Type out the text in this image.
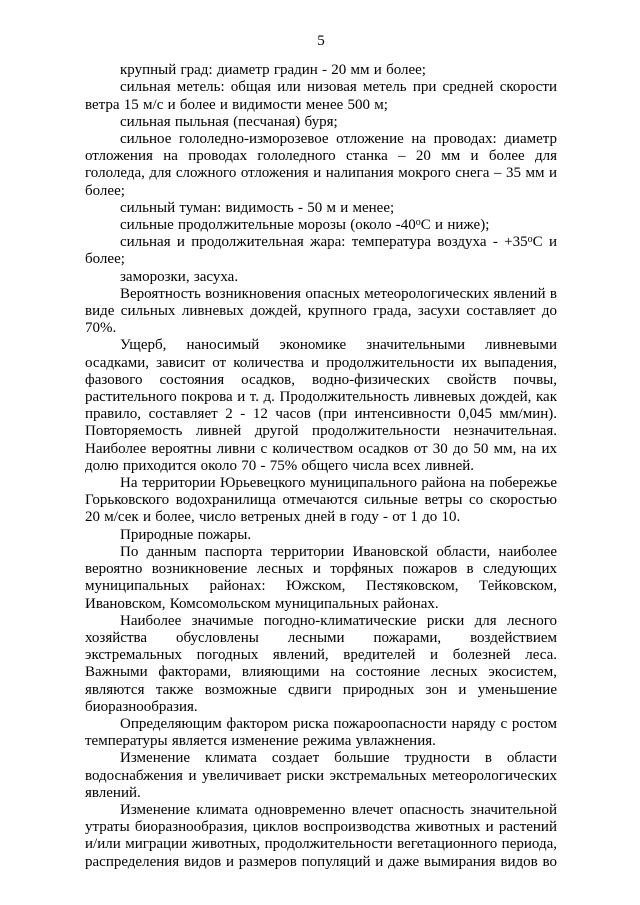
5

крупный град: диаметр градин - 20 мм и более;

сильная метель: общая или низовая метель при средней скорости ветра 15 м/с и более и видимости менее 500 м;

сильная пыльная (песчаная) буря;

сильное гололедно-изморозевое отложение на проводах: диаметр отложения на проводах гололедного станка – 20 мм и более для гололеда, для сложного отложения и налипания мокрого снега – 35 мм и более;

сильный туман: видимость - 50 м и менее;

сильные продолжительные морозы (около $-40^оС$ и ниже);

сильная и продолжительная жара: температура воздуха - $+35^оС$ и более;

заморозки, засуха.

Вероятность возникновения опасных метеорологических явлений в виде сильных ливневых дождей, крупного града, засухи составляет до 70%.

Ущерб, наносимый экономике значительными ливневыми осадками, зависит от количества и продолжительности их выпадения, фазового состояния осадков, водно-физических свойств почвы, растительного покрова и т. д. Продолжительность ливневых дождей, как правило, составляет 2 - 12 часов (при интенсивности 0,045 мм/мин). Повторяемость ливней другой продолжительности незначительная. Наиболее вероятны ливни с количеством осадков от 30 до 50 мм, на их долю приходится около 70 - 75% общего числа всех ливней.

На территории Юрьевецкого муниципального района на побережье Горьковского водохранилища отмечаются сильные ветры со скоростью 20 м/сек и более, число ветреных дней в году - от 1 до 10.

Природные пожары.

По данным паспорта территории Ивановской области, наиболее вероятно возникновение лесных и торфяных пожаров в следующих муниципальных районах: Южском, Пестяковском, Тейковском, Ивановском, Комсомольском муниципальных районах.

Наиболее значимые погодно-климатические риски для лесного хозяйства обусловлены лесными пожарами, воздействием экстремальных погодных явлений, вредителей и болезней леса. Важными факторами, влияющими на состояние лесных экосистем, являются также возможные сдвиги природных зон и уменьшение биоразнообразия.

Определяющим фактором риска пожароопасности наряду с ростом температуры является изменение режима увлажнения.

Изменение климата создает большие трудности в области водоснабжения и увеличивает риски экстремальных метеорологических явлений.

Изменение климата одновременно влечет опасность значительной утраты биоразнообразия, циклов воспроизводства животных и растений и/или миграции животных, продолжительности вегетационного периода, распределения видов и размеров популяций и даже вымирания видов во
